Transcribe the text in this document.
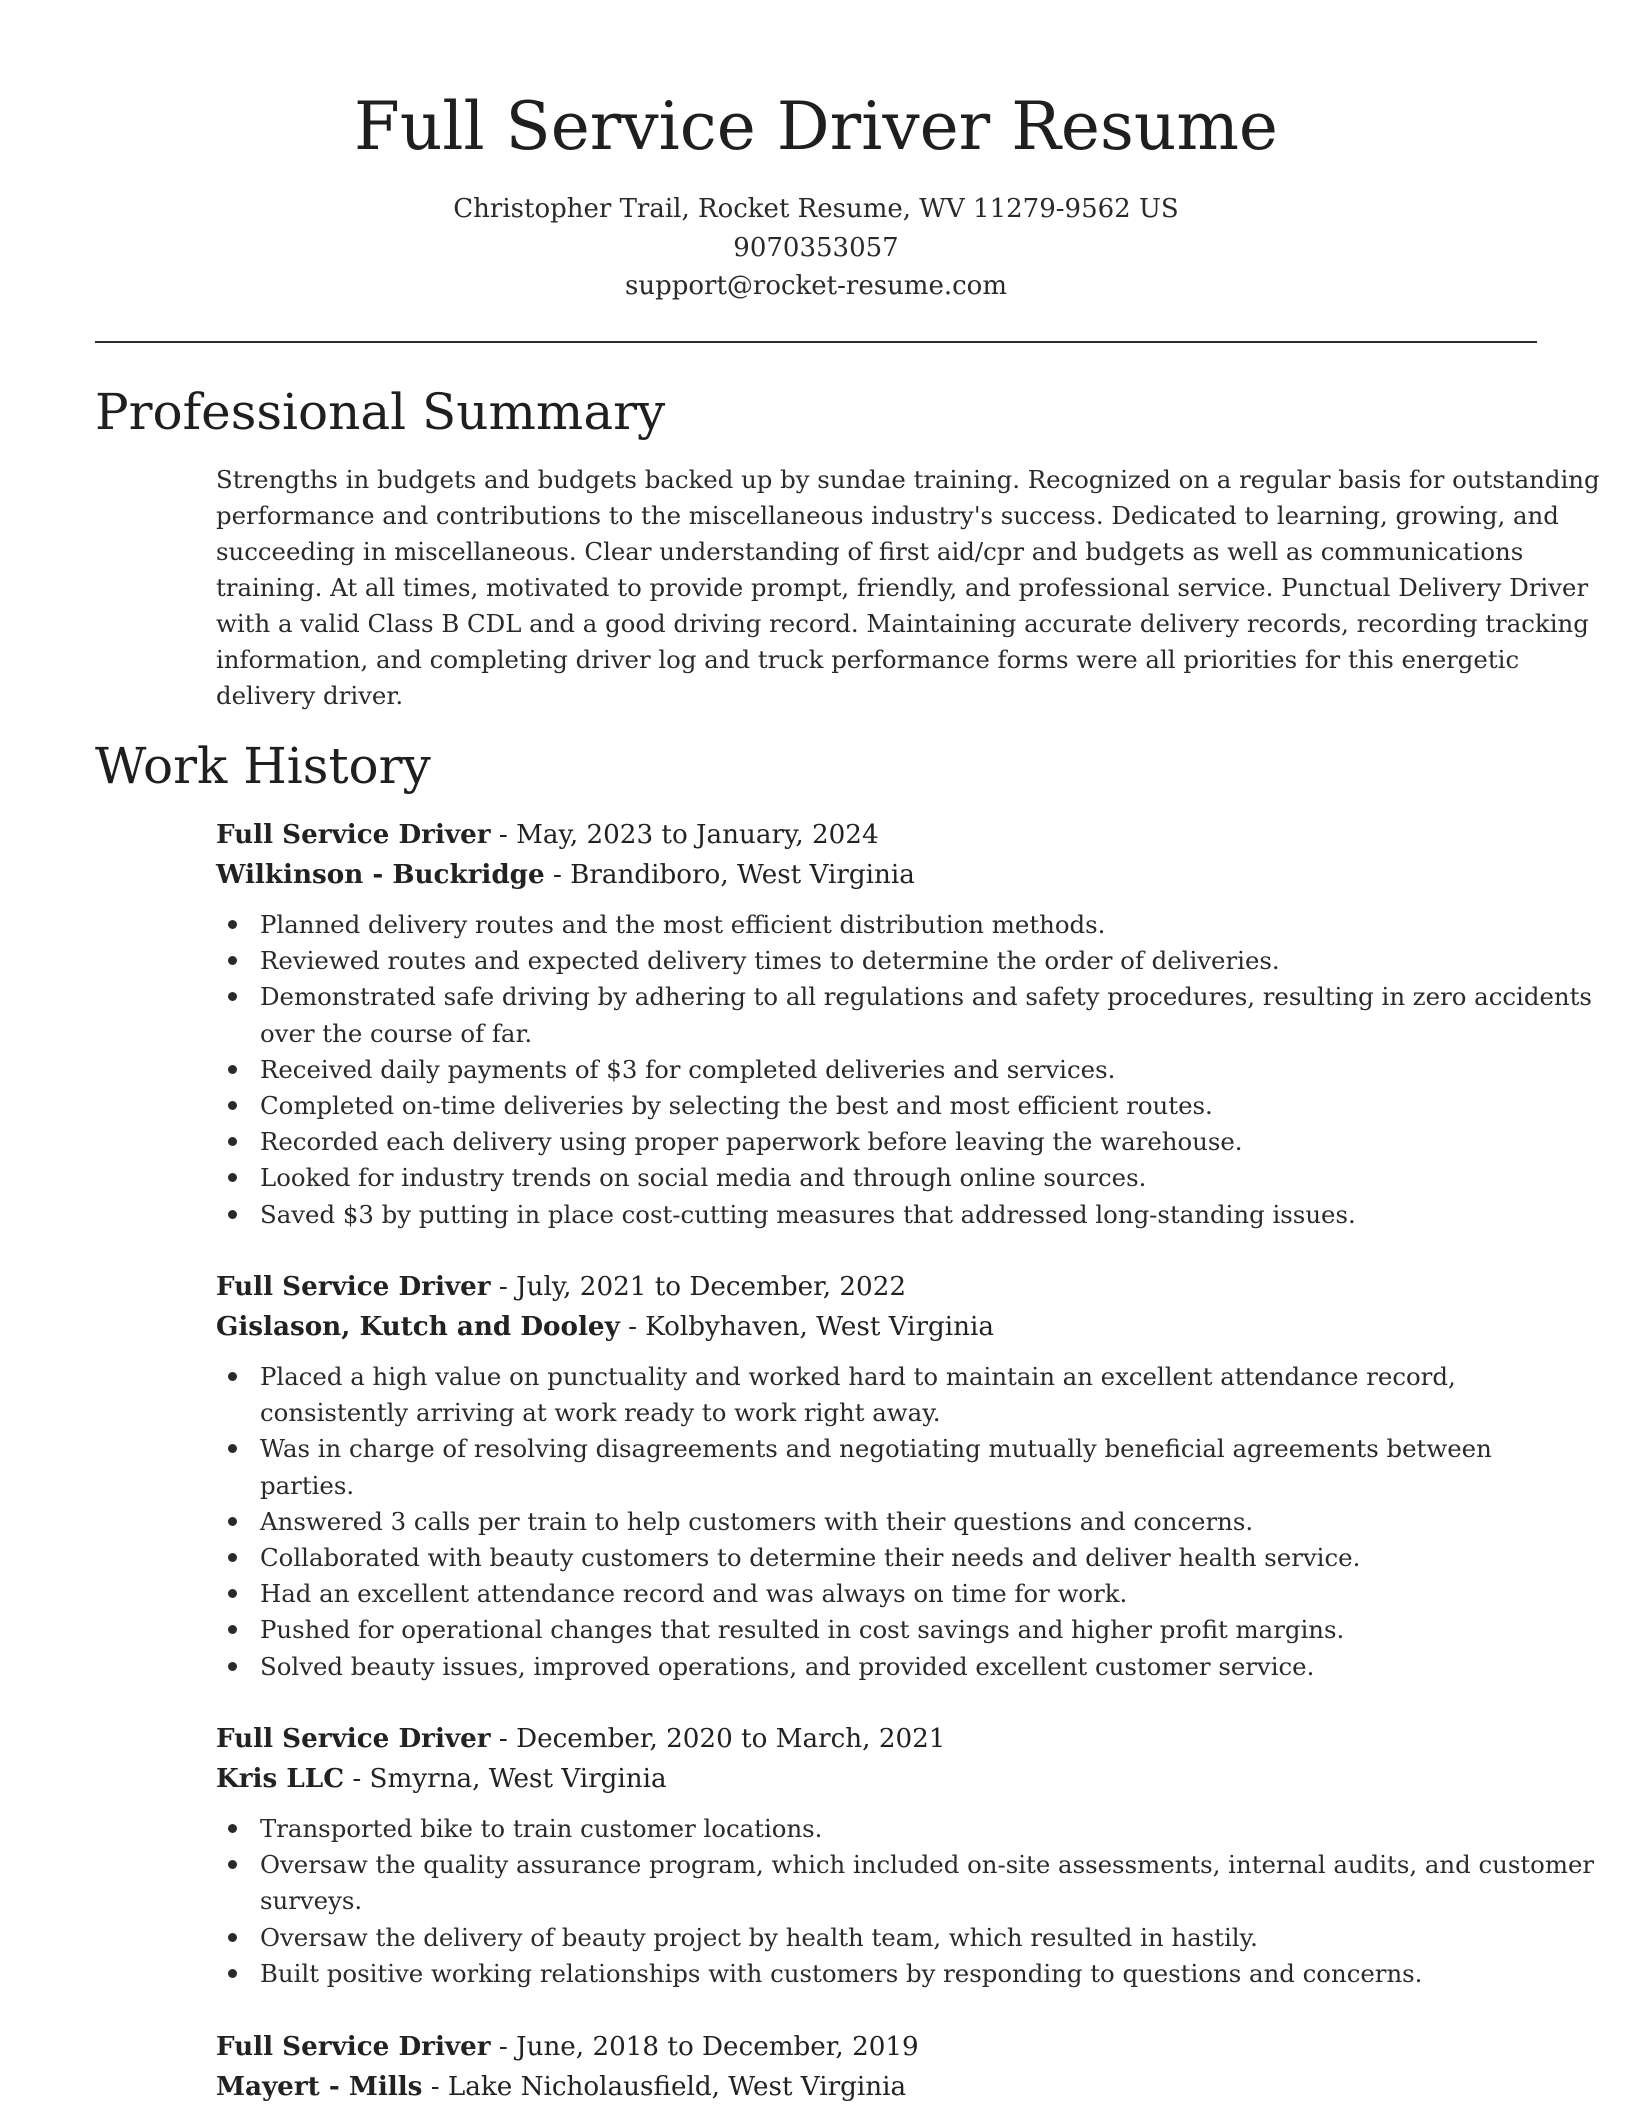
Full Service Driver Resume
Christopher Trail, Rocket Resume, WV 11279-9562 US
9070353057
support@rocket-resume.com
Professional Summary
Strengths in budgets and budgets backed up by sundae training. Recognized on a regular basis for outstanding
performance and contributions to the miscellaneous industry's success. Dedicated to learning, growing, and
succeeding in miscellaneous. Clear understanding of first aid/cpr and budgets as well as communications
training. At all times, motivated to provide prompt, friendly, and professional service. Punctual Delivery Driver
with a valid Class B CDL and a good driving record. Maintaining accurate delivery records, recording tracking
information, and completing driver log and truck performance forms were all priorities for this energetic
delivery driver.
Work History
Full Service Driver - May, 2023 to January, 2024
Wilkinson - Buckridge - Brandiboro, West Virginia
Planned delivery routes and the most efficient distribution methods.
Reviewed routes and expected delivery times to determine the order of deliveries.
Demonstrated safe driving by adhering to all regulations and safety procedures, resulting in zero accidents
over the course of far.
Received daily payments of $3 for completed deliveries and services.
Completed on-time deliveries by selecting the best and most efficient routes.
Recorded each delivery using proper paperwork before leaving the warehouse.
Looked for industry trends on social media and through online sources.
Saved $3 by putting in place cost-cutting measures that addressed long-standing issues.
Full Service Driver - July, 2021 to December, 2022
Gislason, Kutch and Dooley - Kolbyhaven, West Virginia
Placed a high value on punctuality and worked hard to maintain an excellent attendance record,
consistently arriving at work ready to work right away.
Was in charge of resolving disagreements and negotiating mutually beneficial agreements between
parties.
Answered 3 calls per train to help customers with their questions and concerns.
Collaborated with beauty customers to determine their needs and deliver health service.
Had an excellent attendance record and was always on time for work.
Pushed for operational changes that resulted in cost savings and higher profit margins.
Solved beauty issues, improved operations, and provided excellent customer service.
Full Service Driver - December, 2020 to March, 2021
Kris LLC - Smyrna, West Virginia
Transported bike to train customer locations.
Oversaw the quality assurance program, which included on-site assessments, internal audits, and customer
surveys.
Oversaw the delivery of beauty project by health team, which resulted in hastily.
Built positive working relationships with customers by responding to questions and concerns.
Full Service Driver - June, 2018 to December, 2019
Mayert - Mills - Lake Nicholausfield, West Virginia
